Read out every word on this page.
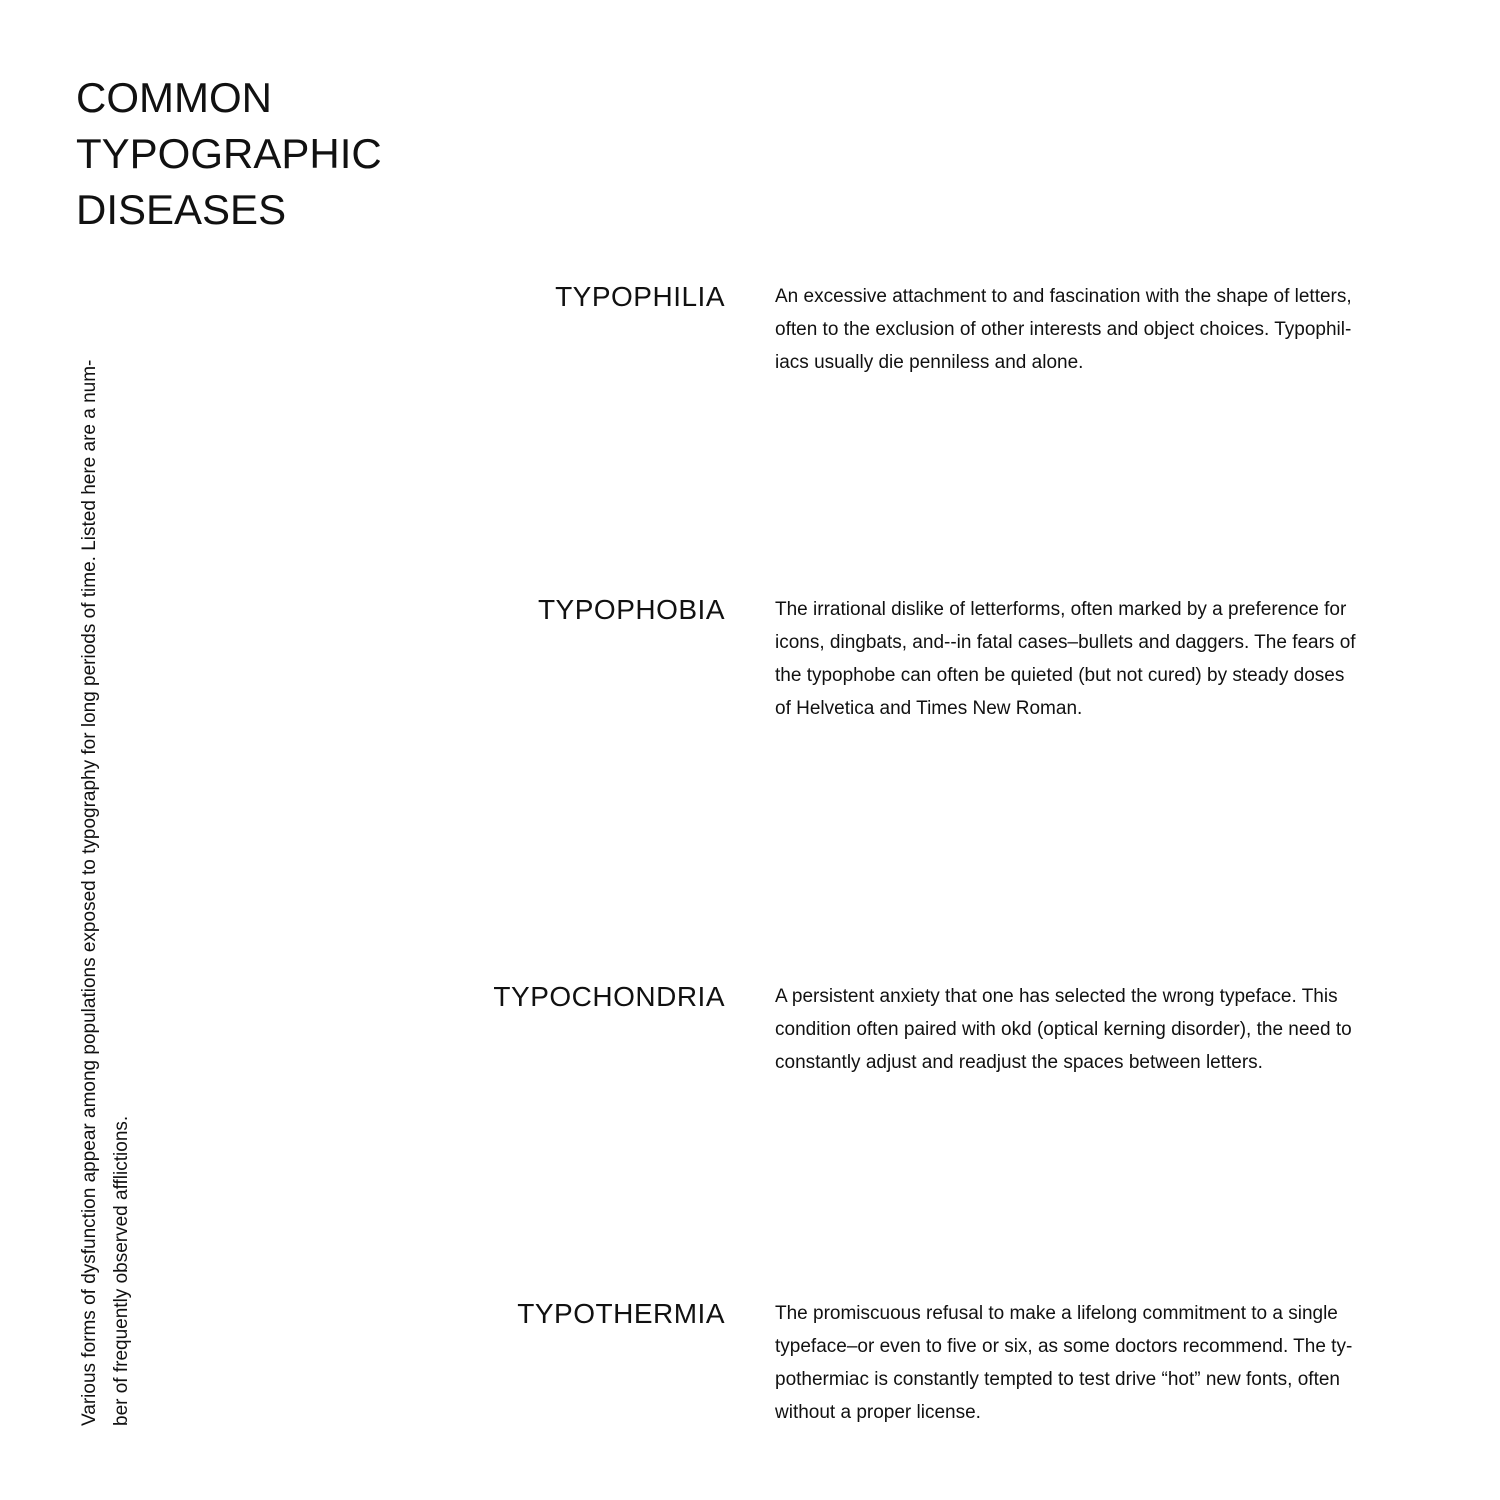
COMMON
TYPOGRAPHIC
DISEASES
Various forms of dysfunction appear among populations exposed to typography for long periods of time. Listed here are a num- ber of frequently observed afflictions.
TYPOPHILIA	An excessive attachment to and fascination with the shape of letters,
often to the exclusion of other interests and object choices. Typophil-
iacs usually die penniless and alone.
TYPOPHOBIA	The irrational dislike of letterforms, often marked by a preference for
icons, dingbats, and--in fatal cases–bullets and daggers. The fears of
the typophobe can often be quieted (but not cured) by steady doses
of Helvetica and Times New Roman.
TYPOCHONDRIA	A persistent anxiety that one has selected the wrong typeface. This
condition often paired with okd (optical kerning disorder), the need to
constantly adjust and readjust the spaces between letters.
TYPOTHERMIA	The promiscuous refusal to make a lifelong commitment to a single
typeface–or even to five or six, as some doctors recommend. The ty-
pothermiac is constantly tempted to test drive “hot” new fonts, often
without a proper license.
